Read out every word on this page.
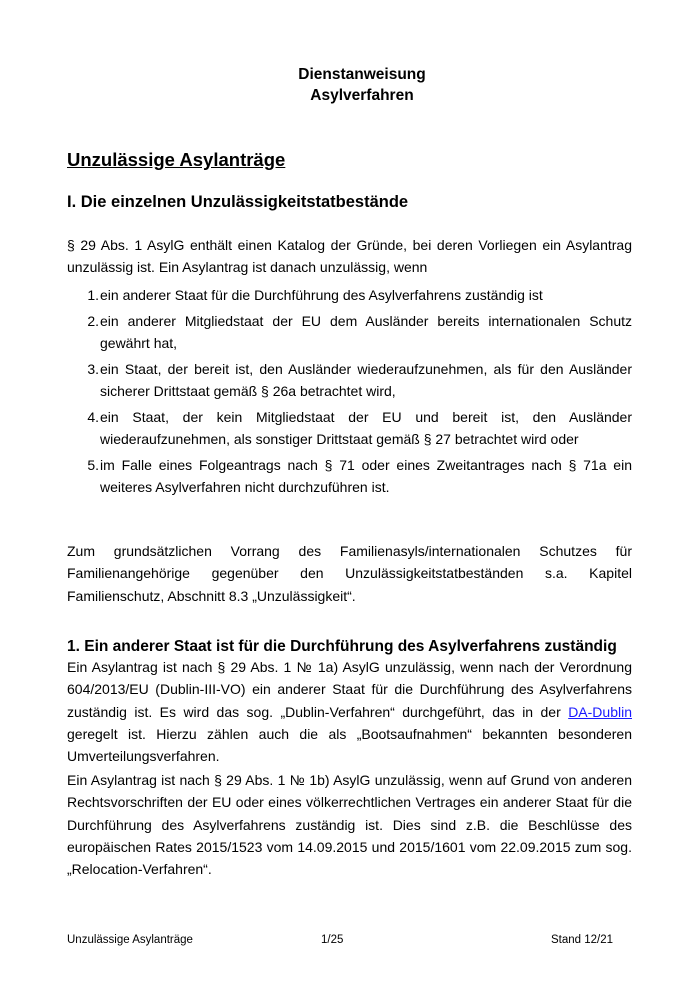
Dienstanweisung
Asylverfahren
Unzulässige Asylanträge
I. Die einzelnen Unzulässigkeitstatbestände

§ 29 Abs. 1 AsylG enthält einen Katalog der Gründe, bei deren Vorliegen ein Asylantrag unzulässig ist. Ein Asylantrag ist danach unzulässig, wenn

1. ein anderer Staat für die Durchführung des Asylverfahrens zuständig ist
2. ein anderer Mitgliedstaat der EU dem Ausländer bereits internationalen Schutz gewährt hat,
3. ein Staat, der bereit ist, den Ausländer wiederaufzunehmen, als für den Ausländer sicherer Drittstaat gemäß § 26a betrachtet wird,
4. ein Staat, der kein Mitgliedstaat der EU und bereit ist, den Ausländer wiederaufzunehmen, als sonstiger Drittstaat gemäß § 27 betrachtet wird oder
5. im Falle eines Folgeantrags nach § 71 oder eines Zweitantrages nach § 71a ein weiteres Asylverfahren nicht durchzuführen ist.

Zum grundsätzlichen Vorrang des Familienasyls/internationalen Schutzes für Familienangehörige gegenüber den Unzulässigkeitstatbeständen s.a. Kapitel Familienschutz, Abschnitt 8.3 „Unzulässigkeit“.

1. Ein anderer Staat ist für die Durchführung des Asylverfahrens zuständig

Ein Asylantrag ist nach § 29 Abs. 1 № 1a) AsylG unzulässig, wenn nach der Verordnung 604/2013/EU (Dublin-III-VO) ein anderer Staat für die Durchführung des Asylverfahrens zuständig ist. Es wird das sog. „Dublin-Verfahren“ durchgeführt, das in der DA-Dublin geregelt ist. Hierzu zählen auch die als „Bootsaufnahmen“ bekannten besonderen Umverteilungsverfahren.

Ein Asylantrag ist nach § 29 Abs. 1 № 1b) AsylG unzulässig, wenn auf Grund von anderen Rechtsvorschriften der EU oder eines völkerrechtlichen Vertrages ein anderer Staat für die Durchführung des Asylverfahrens zuständig ist. Dies sind z.B. die Beschlüsse des europäischen Rates 2015/1523 vom 14.09.2015 und 2015/1601 vom 22.09.2015 zum sog. „Relocation-Verfahren“.

Unzulässige Asylanträge	1/25	Stand 12/21
